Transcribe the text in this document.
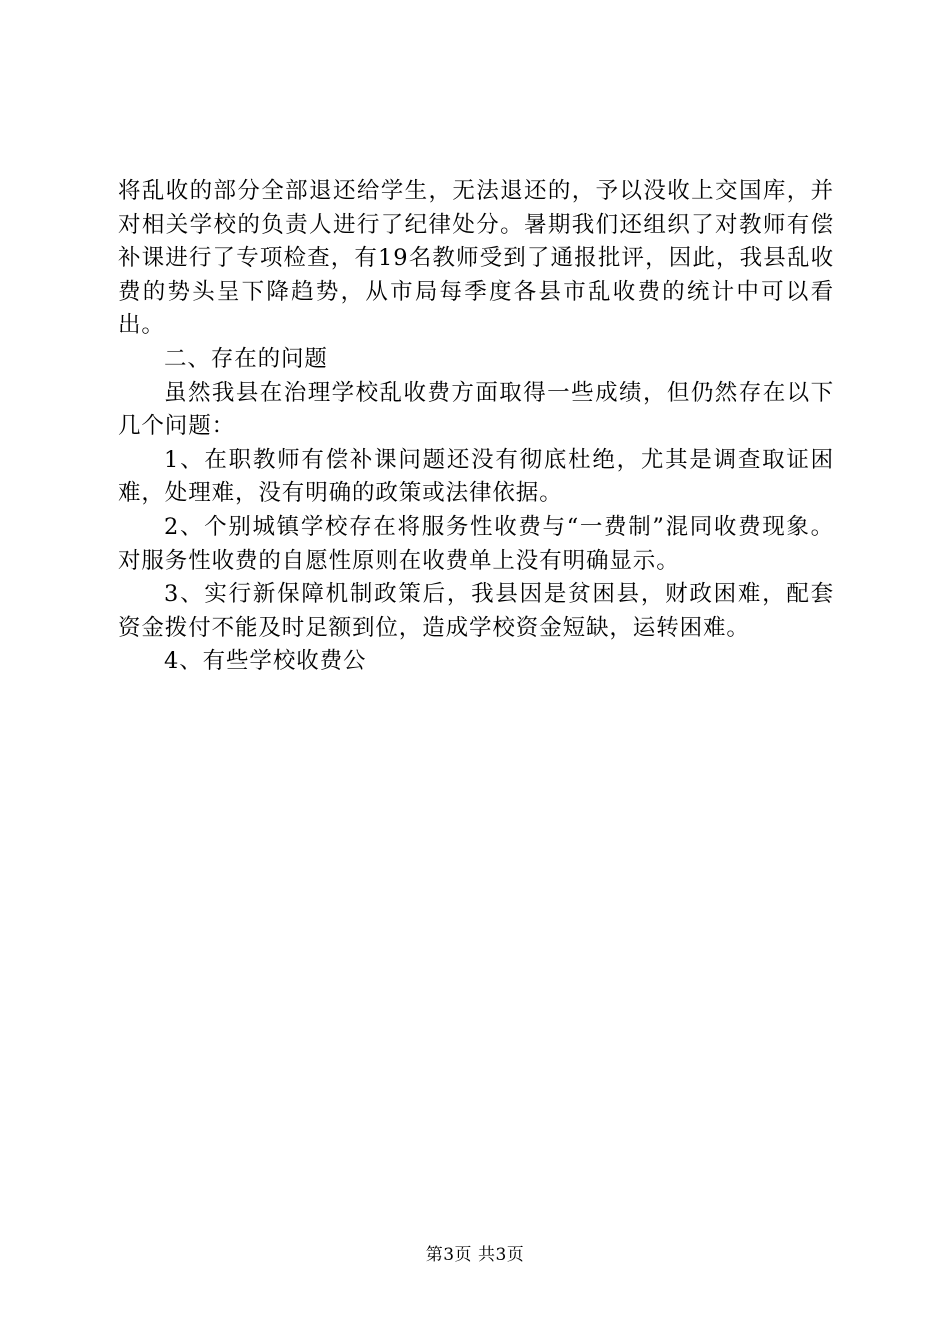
将乱收的部分全部退还给学生，无法退还的，予以没收上交国库，并对相关学校的负责人进行了纪律处分。暑期我们还组织了对教师有偿补课进行了专项检查，有19名教师受到了通报批评，因此，我县乱收费的势头呈下降趋势，从市局每季度各县市乱收费的统计中可以看出。

二、存在的问题

虽然我县在治理学校乱收费方面取得一些成绩，但仍然存在以下几个问题：

1、在职教师有偿补课问题还没有彻底杜绝，尤其是调查取证困难，处理难，没有明确的政策或法律依据。

2、个别城镇学校存在将服务性收费与“一费制”混同收费现象。对服务性收费的自愿性原则在收费单上没有明确显示。

3、实行新保障机制政策后，我县因是贫困县，财政困难，配套资金拨付不能及时足额到位，造成学校资金短缺，运转困难。

4、有些学校收费公

第3页 共3页
